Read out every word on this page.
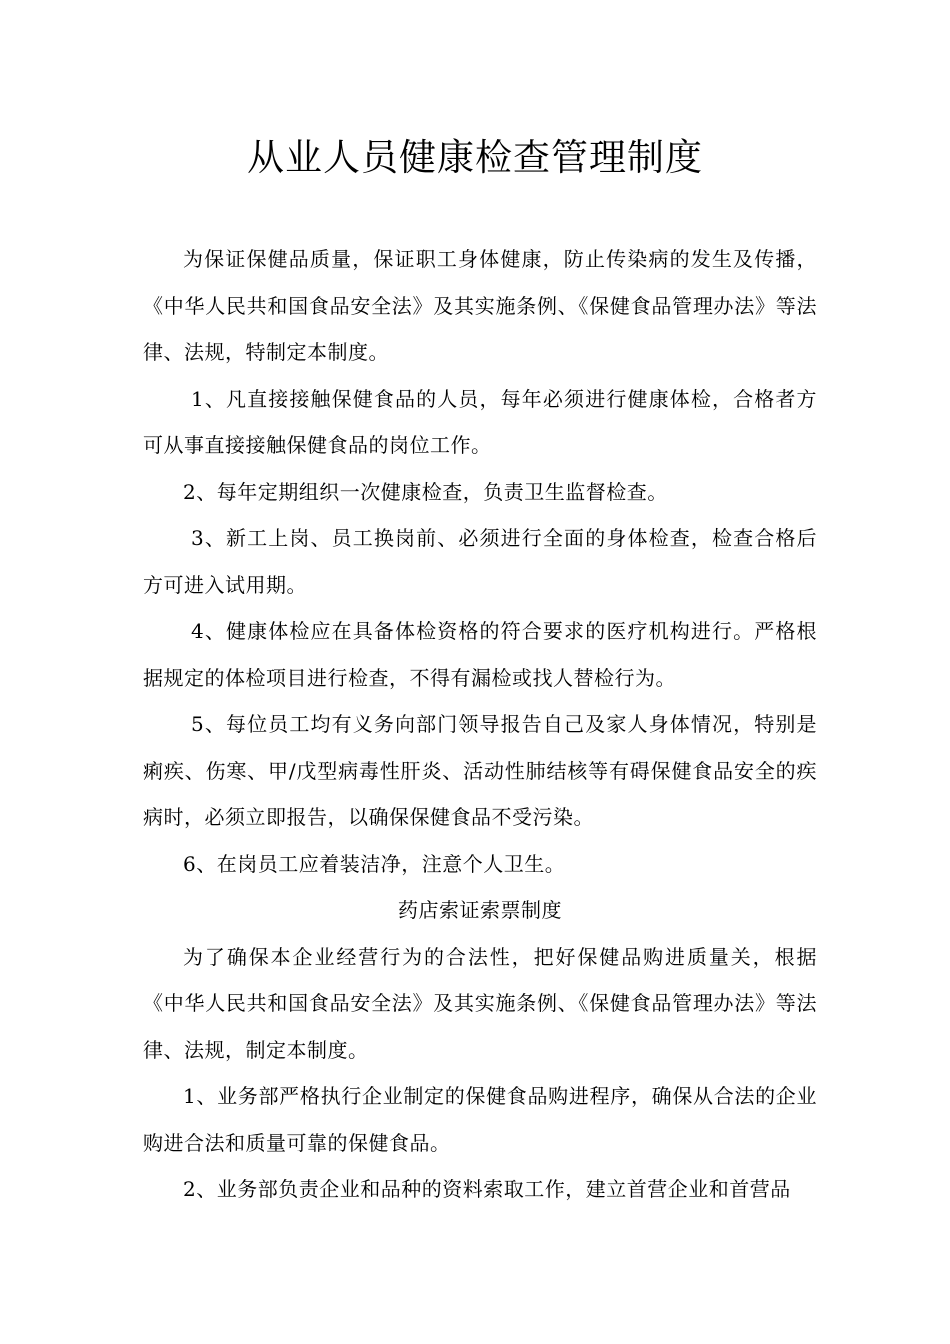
从业人员健康检查管理制度

为保证保健品质量，保证职工身体健康，防止传染病的发生及传播，《中华人民共和国食品安全法》及其实施条例、《保健食品管理办法》等法律、法规，特制定本制度。

1、凡直接接触保健食品的人员，每年必须进行健康体检，合格者方可从事直接接触保健食品的岗位工作。

2、每年定期组织一次健康检查，负责卫生监督检查。

3、新工上岗、员工换岗前、必须进行全面的身体检查，检查合格后方可进入试用期。

4、健康体检应在具备体检资格的符合要求的医疗机构进行。严格根据规定的体检项目进行检查，不得有漏检或找人替检行为。

5、每位员工均有义务向部门领导报告自己及家人身体情况，特别是痢疾、伤寒、甲/戊型病毒性肝炎、活动性肺结核等有碍保健食品安全的疾病时，必须立即报告，以确保保健食品不受污染。

6、在岗员工应着装洁净，注意个人卫生。

药店索证索票制度

为了确保本企业经营行为的合法性，把好保健品购进质量关，根据《中华人民共和国食品安全法》及其实施条例、《保健食品管理办法》等法律、法规，制定本制度。

1、业务部严格执行企业制定的保健食品购进程序，确保从合法的企业购进合法和质量可靠的保健食品。

2、业务部负责企业和品种的资料索取工作，建立首营企业和首营品
